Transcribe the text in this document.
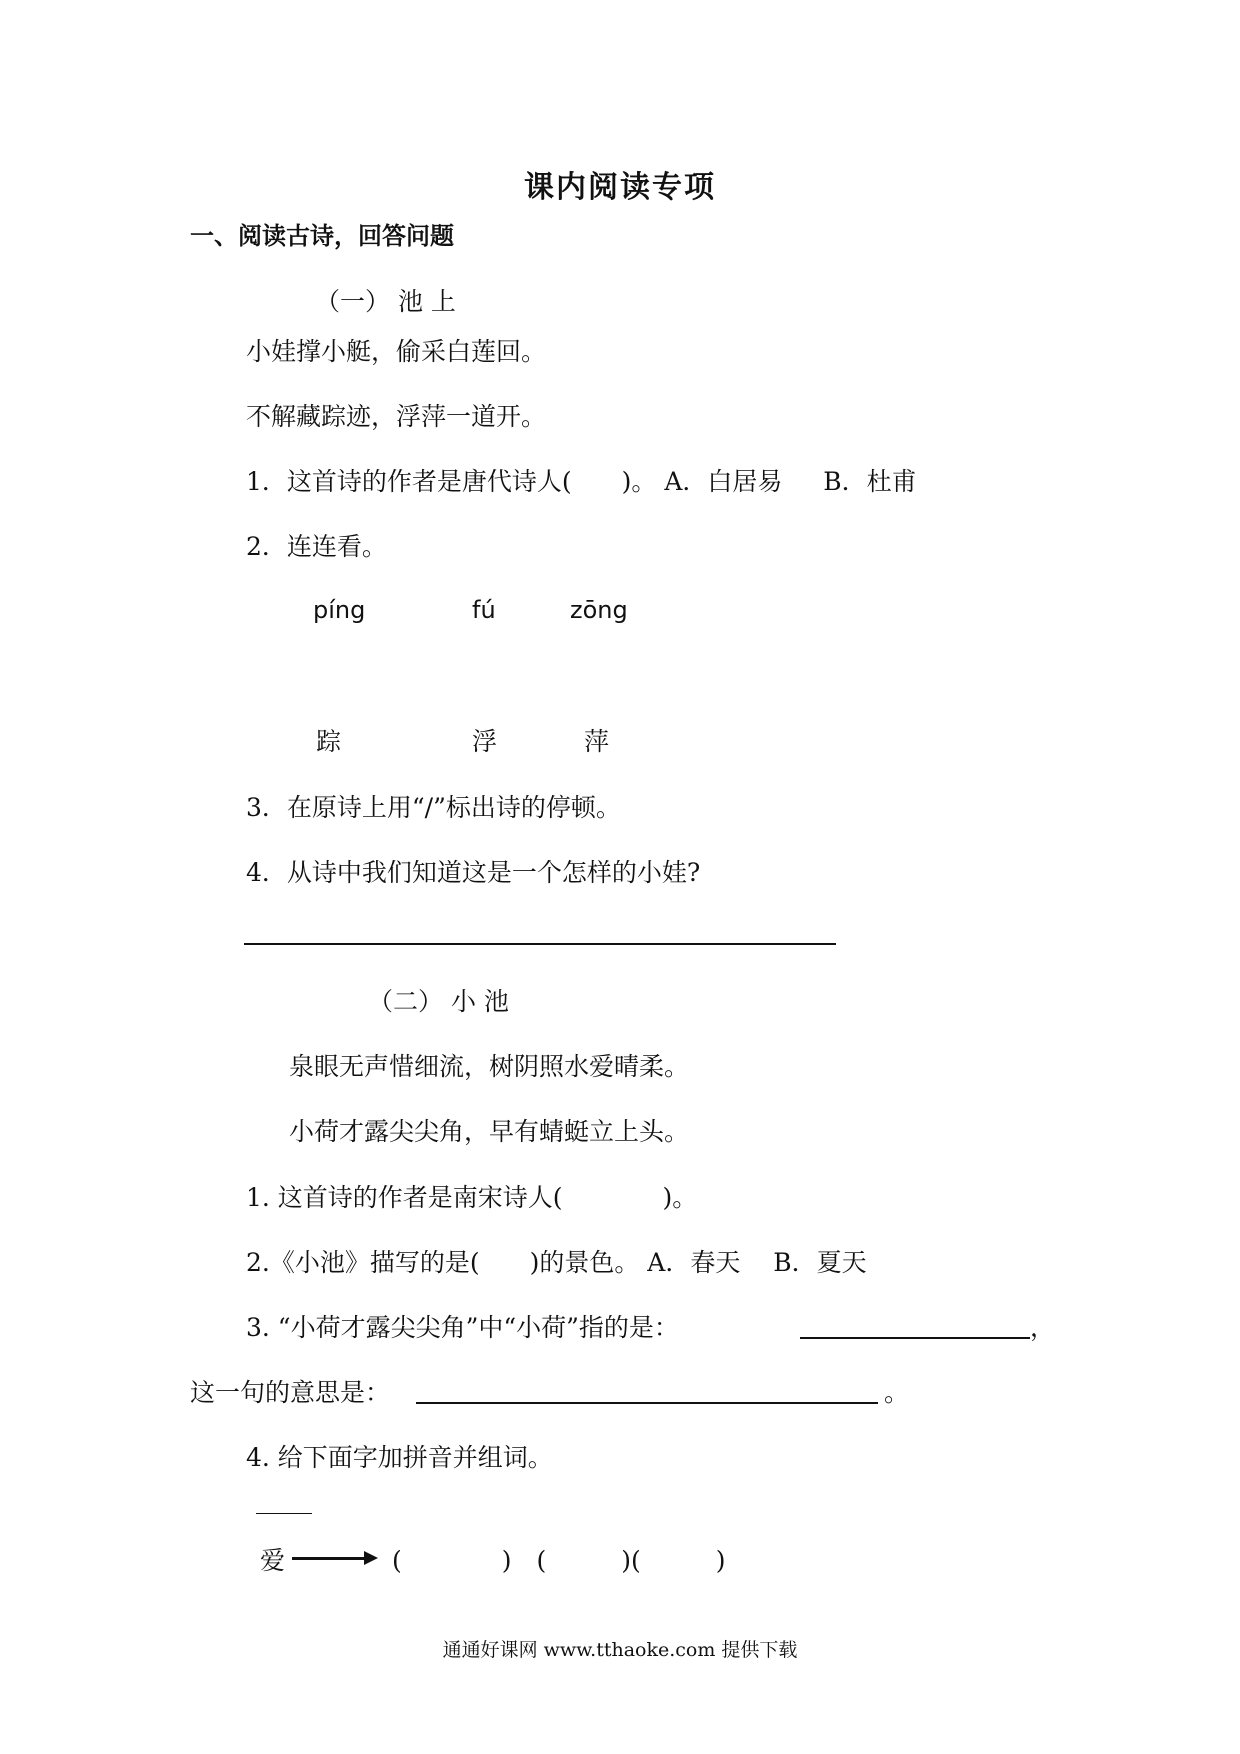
课内阅读专项
一、阅读古诗，回答问题
（一） 池 上
小娃撑小艇，偷采白莲回。
不解藏踪迹，浮萍一道开。
1．这首诗的作者是唐代诗人(　　)。 A．白居易 　 B．杜甫
2．连连看。
píng	fú	zōng
踪	浮	萍
3．在原诗上用“/”标出诗的停顿。
4．从诗中我们知道这是一个怎样的小娃?
（二） 小 池
泉眼无声惜细流，树阴照水爱晴柔。
小荷才露尖尖角，早有蜻蜓立上头。
1. 这首诗的作者是南宋诗人(　　　　)。
2.《小池》描写的是(　　)的景色。 A．春天 　B．夏天
3. “小荷才露尖尖角”中“小荷”指的是：	，
这一句的意思是：	。
4. 给下面字加拼音并组词。
爱	(　　　　)　(　　　)(　　　)
通通好课网 www.tthaoke.com 提供下载
